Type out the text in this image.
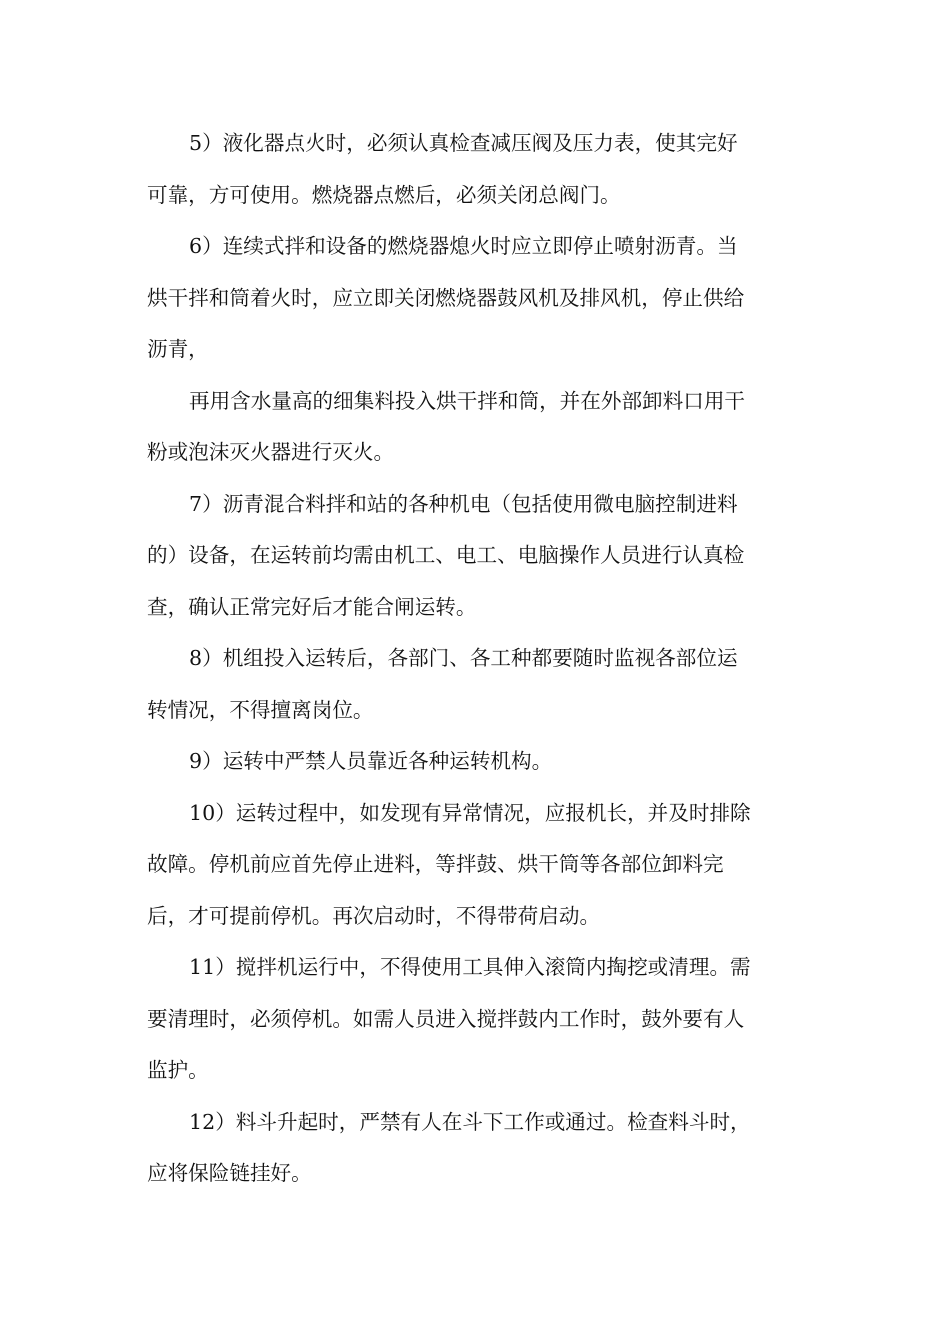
5）液化器点火时，必须认真检查减压阀及压力表，使其完好
可靠，方可使用。燃烧器点燃后，必须关闭总阀门。
6）连续式拌和设备的燃烧器熄火时应立即停止喷射沥青。当
烘干拌和筒着火时，应立即关闭燃烧器鼓风机及排风机，停止供给
沥青，
再用含水量高的细集料投入烘干拌和筒，并在外部卸料口用干
粉或泡沫灭火器进行灭火。
7）沥青混合料拌和站的各种机电（包括使用微电脑控制进料
的）设备，在运转前均需由机工、电工、电脑操作人员进行认真检
查，确认正常完好后才能合闸运转。
8）机组投入运转后，各部门、各工种都要随时监视各部位运
转情况，不得擅离岗位。
9）运转中严禁人员靠近各种运转机构。
10）运转过程中，如发现有异常情况，应报机长，并及时排除
故障。停机前应首先停止进料，等拌鼓、烘干筒等各部位卸料完
后，才可提前停机。再次启动时，不得带荷启动。
11）搅拌机运行中，不得使用工具伸入滚筒内掏挖或清理。需
要清理时，必须停机。如需人员进入搅拌鼓内工作时，鼓外要有人
监护。
12）料斗升起时，严禁有人在斗下工作或通过。检查料斗时，
应将保险链挂好。
